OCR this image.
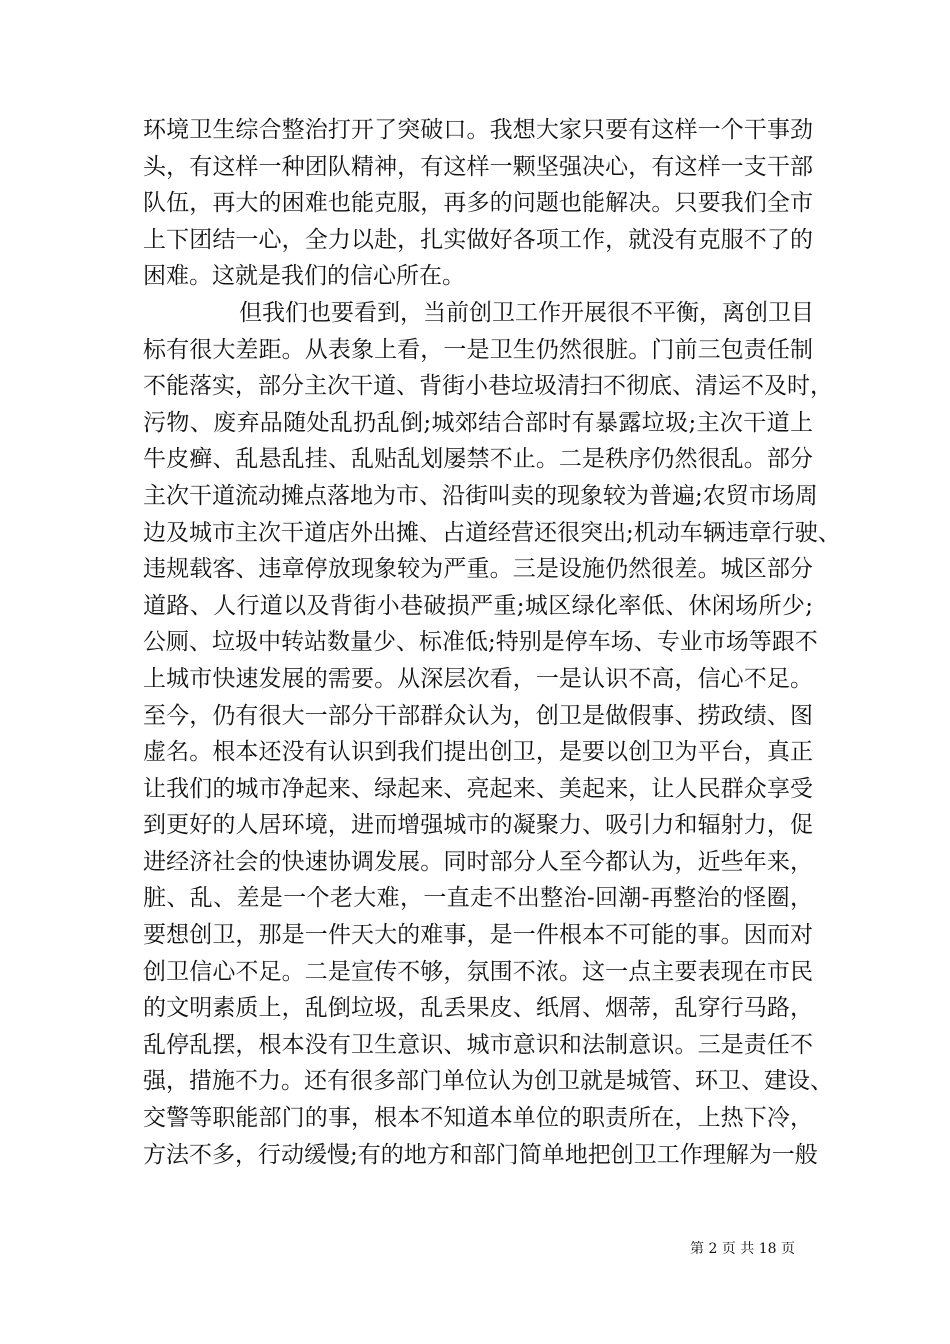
环境卫生综合整治打开了突破口。我想大家只要有这样一个干事劲
头，有这样一种团队精神，有这样一颗坚强决心，有这样一支干部
队伍，再大的困难也能克服，再多的问题也能解决。只要我们全市
上下团结一心，全力以赴，扎实做好各项工作，就没有克服不了的
困难。这就是我们的信心所在。
但我们也要看到，当前创卫工作开展很不平衡，离创卫目
标有很大差距。从表象上看，一是卫生仍然很脏。门前三包责任制
不能落实，部分主次干道、背街小巷垃圾清扫不彻底、清运不及时，
污物、废弃品随处乱扔乱倒;城郊结合部时有暴露垃圾;主次干道上
牛皮癣、乱悬乱挂、乱贴乱划屡禁不止。二是秩序仍然很乱。部分
主次干道流动摊点落地为市、沿街叫卖的现象较为普遍;农贸市场周
边及城市主次干道店外出摊、占道经营还很突出;机动车辆违章行驶、
违规载客、违章停放现象较为严重。三是设施仍然很差。城区部分
道路、人行道以及背街小巷破损严重;城区绿化率低、休闲场所少;
公厕、垃圾中转站数量少、标准低;特别是停车场、专业市场等跟不
上城市快速发展的需要。从深层次看，一是认识不高，信心不足。
至今，仍有很大一部分干部群众认为，创卫是做假事、捞政绩、图
虚名。根本还没有认识到我们提出创卫，是要以创卫为平台，真正
让我们的城市净起来、绿起来、亮起来、美起来，让人民群众享受
到更好的人居环境，进而增强城市的凝聚力、吸引力和辐射力，促
进经济社会的快速协调发展。同时部分人至今都认为，近些年来，
脏、乱、差是一个老大难，一直走不出整治-回潮-再整治的怪圈，
要想创卫，那是一件天大的难事，是一件根本不可能的事。因而对
创卫信心不足。二是宣传不够，氛围不浓。这一点主要表现在市民
的文明素质上，乱倒垃圾，乱丢果皮、纸屑、烟蒂，乱穿行马路，
乱停乱摆，根本没有卫生意识、城市意识和法制意识。三是责任不
强，措施不力。还有很多部门单位认为创卫就是城管、环卫、建设、
交警等职能部门的事，根本不知道本单位的职责所在，上热下冷，
方法不多，行动缓慢;有的地方和部门简单地把创卫工作理解为一般
第 2 页 共 18 页
